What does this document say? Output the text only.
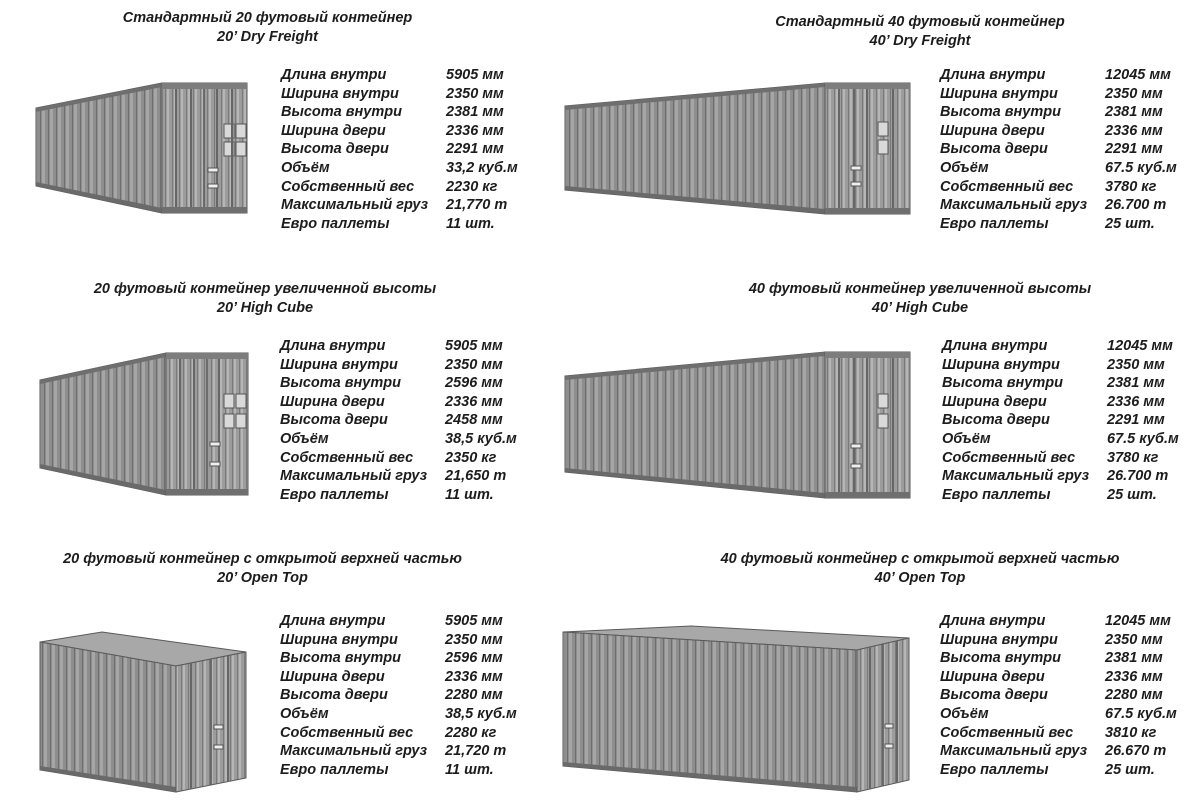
Стандартный 20 футовый контейнер
20’ Dry Freight
Длина внутри	5905 мм
Ширина внутри	2350 мм
Высота внутри	2381 мм
Ширина двери	2336 мм
Высота двери	2291 мм
Объём	33,2 куб.м
Собственный вес 2230 кг
Максимальный груз 21,770 т
Евро паллеты	11 шт.
Стандартный 40 футовый контейнер
40’ Dry Freight
Длина внутри	12045 мм
Ширина внутри	2350 мм
Высота внутри	2381 мм
Ширина двери	2336 мм
Высота двери	2291 мм
Объём	67.5 куб.м
Собственный вес 3780 кг
Максимальный груз 26.700 т
Евро паллеты	25 шт.
20 футовый контейнер увеличенной высоты
20’ High Cube
Длина внутри	5905 мм
Ширина внутри	2350 мм
Высота внутри	2596 мм
Ширина двери	2336 мм
Высота двери	2458 мм
Объём	38,5 куб.м
Собственный вес 2350 кг
Максимальный груз 21,650 т
Евро паллеты	11 шт.
40 футовый контейнер увеличенной высоты
40’ High Cube
Длина внутри	12045 мм
Ширина внутри	2350 мм
Высота внутри	2381 мм
Ширина двери	2336 мм
Высота двери	2291 мм
Объём	67.5 куб.м
Собственный вес 3780 кг
Максимальный груз 26.700 т
Евро паллеты	25 шт.
20 футовый контейнер с открытой верхней частью
20’ Open Top
Длина внутри	5905 мм
Ширина внутри	2350 мм
Высота внутри	2596 мм
Ширина двери	2336 мм
Высота двери	2280 мм
Объём	38,5 куб.м
Собственный вес 2280 кг
Максимальный груз 21,720 т
Евро паллеты	11 шт.
40 футовый контейнер с открытой верхней частью
40’ Open Top
Длина внутри	12045 мм
Ширина внутри	2350 мм
Высота внутри	2381 мм
Ширина двери	2336 мм
Высота двери	2280 мм
Объём	67.5 куб.м
Собственный вес 3810 кг
Максимальный груз 26.670 т
Евро паллеты	25 шт.
